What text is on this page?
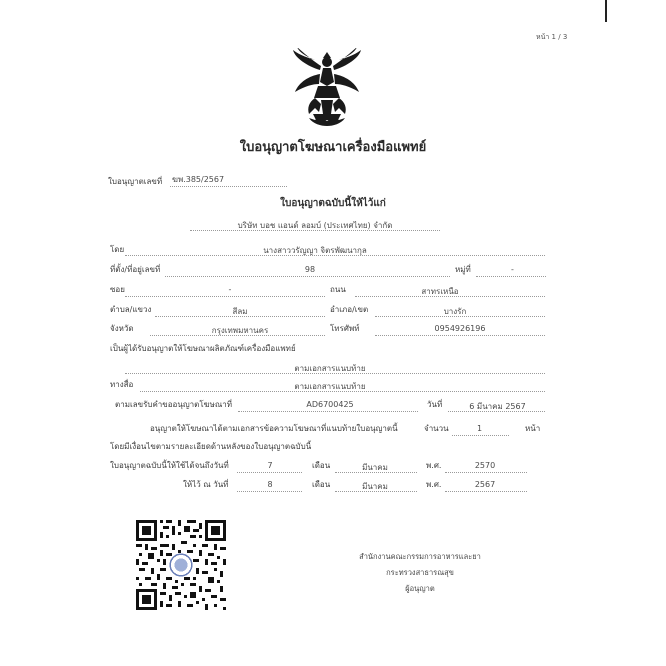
หน้า 1 / 3
ใบอนุญาตโฆษณาเครื่องมือแพทย์
ใบอนุญาตเลขที่ ฆพ.385/2567
ใบอนุญาตฉบับนี้ให้ไว้แก่
บริษัท บอช แอนด์ ลอมบ์ (ประเทศไทย) จำกัด
โดย	นางสาววรัญญา จิตรพัฒนากุล
ที่ตั้ง/ที่อยู่เลขที่	98	หมู่ที่	-
ซอย	-	ถนน	สาทรเหนือ
ตำบล/แขวง	สีลม	อำเภอ/เขต	บางรัก
จังหวัด	กรุงเทพมหานคร	โทรศัพท์	0954926196
เป็นผู้ได้รับอนุญาตให้โฆษณาผลิตภัณฑ์เครื่องมือแพทย์
ตามเอกสารแนบท้าย
ทางสื่อ	ตามเอกสารแนบท้าย
ตามเลขรับคำขออนุญาตโฆษณาที่	AD6700425	วันที่	6 มีนาคม 2567
อนุญาตให้โฆษณาได้ตามเอกสารข้อความโฆษณาที่แนบท้ายใบอนุญาตนี้	จำนวน	1	หน้า
โดยมีเงื่อนไขตามรายละเอียดด้านหลังของใบอนุญาตฉบับนี้
ใบอนุญาตฉบับนี้ให้ใช้ได้จนถึงวันที่	7	เดือน	มีนาคม	พ.ศ.	2570
ให้ไว้ ณ วันที่	8	เดือน	มีนาคม	พ.ศ.	2567
สำนักงานคณะกรรมการอาหารและยา
กระทรวงสาธารณสุข
ผู้อนุญาต
